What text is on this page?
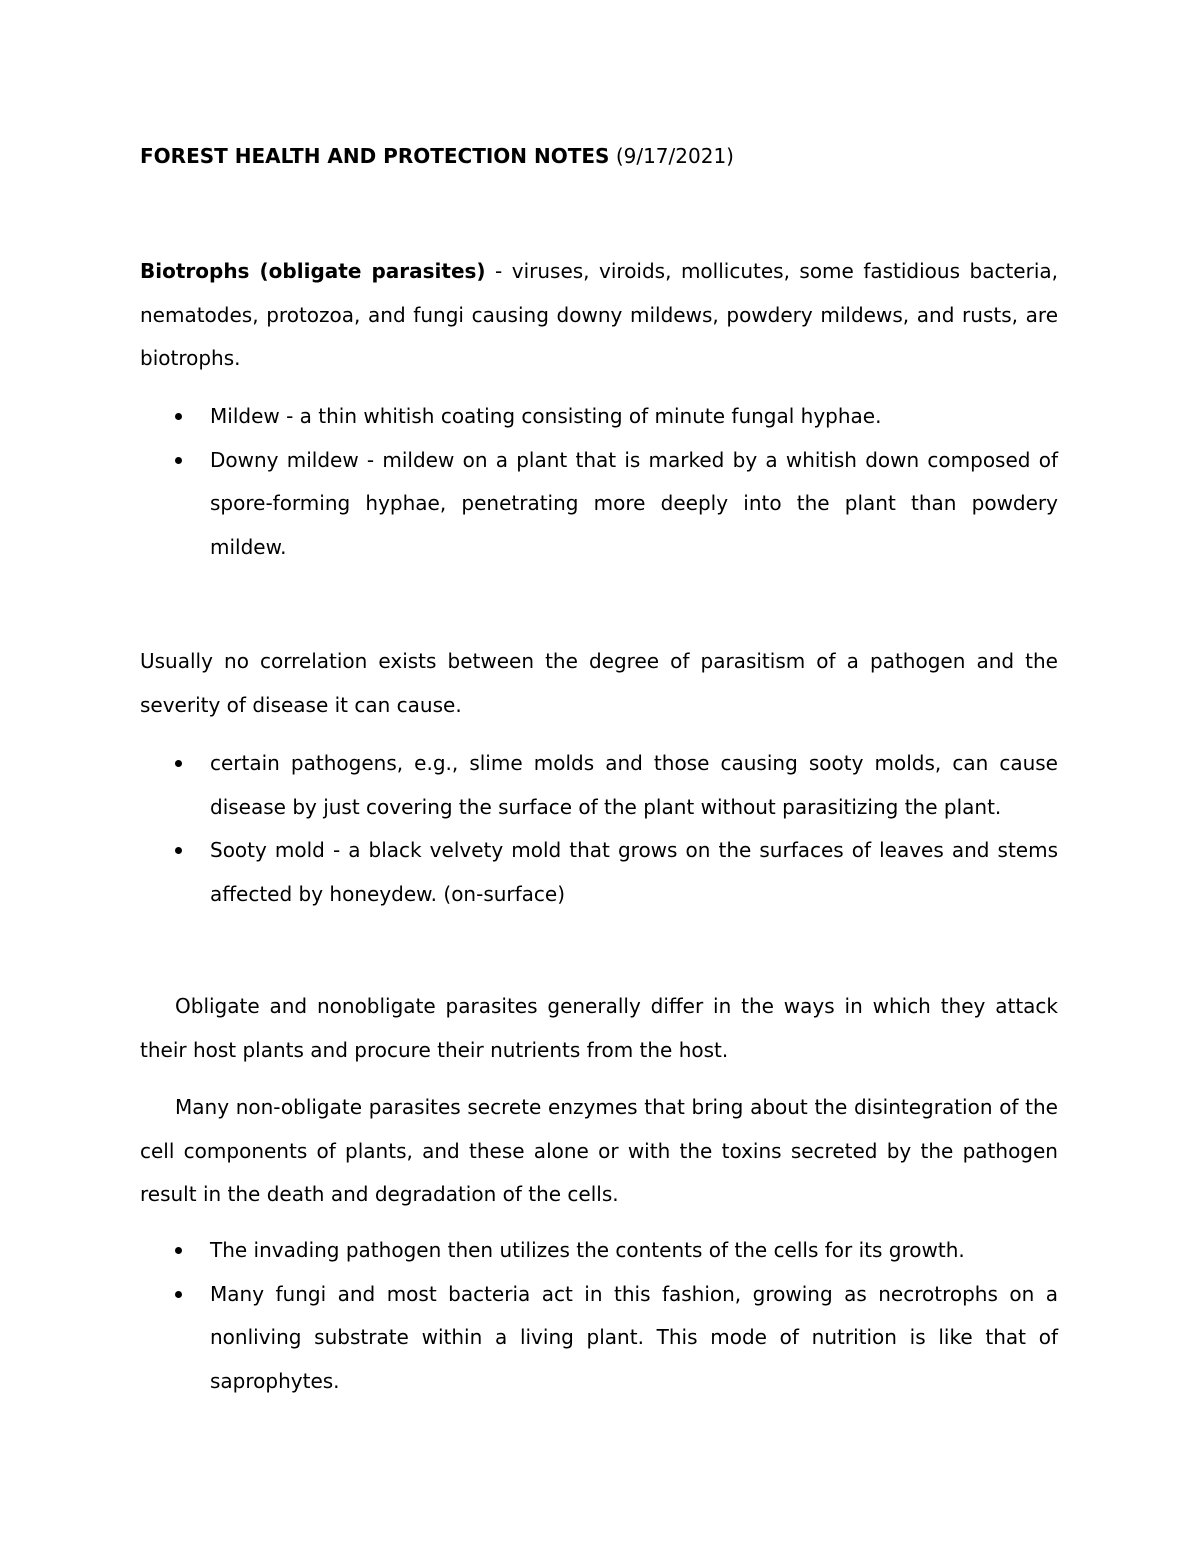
FOREST HEALTH AND PROTECTION NOTES (9/17/2021)

Biotrophs (obligate parasites) - viruses, viroids, mollicutes, some fastidious bacteria, nematodes, protozoa, and fungi causing downy mildews, powdery mildews, and rusts, are biotrophs.

Mildew - a thin whitish coating consisting of minute fungal hyphae.
Downy mildew - mildew on a plant that is marked by a whitish down composed of spore-forming hyphae, penetrating more deeply into the plant than powdery mildew.

Usually no correlation exists between the degree of parasitism of a pathogen and the severity of disease it can cause.

certain pathogens, e.g., slime molds and those causing sooty molds, can cause disease by just covering the surface of the plant without parasitizing the plant.
Sooty mold - a black velvety mold that grows on the surfaces of leaves and stems affected by honeydew. (on-surface)

Obligate and nonobligate parasites generally differ in the ways in which they attack their host plants and procure their nutrients from the host.

Many non-obligate parasites secrete enzymes that bring about the disintegration of the cell components of plants, and these alone or with the toxins secreted by the pathogen result in the death and degradation of the cells.

The invading pathogen then utilizes the contents of the cells for its growth.
Many fungi and most bacteria act in this fashion, growing as necrotrophs on a nonliving substrate within a living plant. This mode of nutrition is like that of saprophytes.
